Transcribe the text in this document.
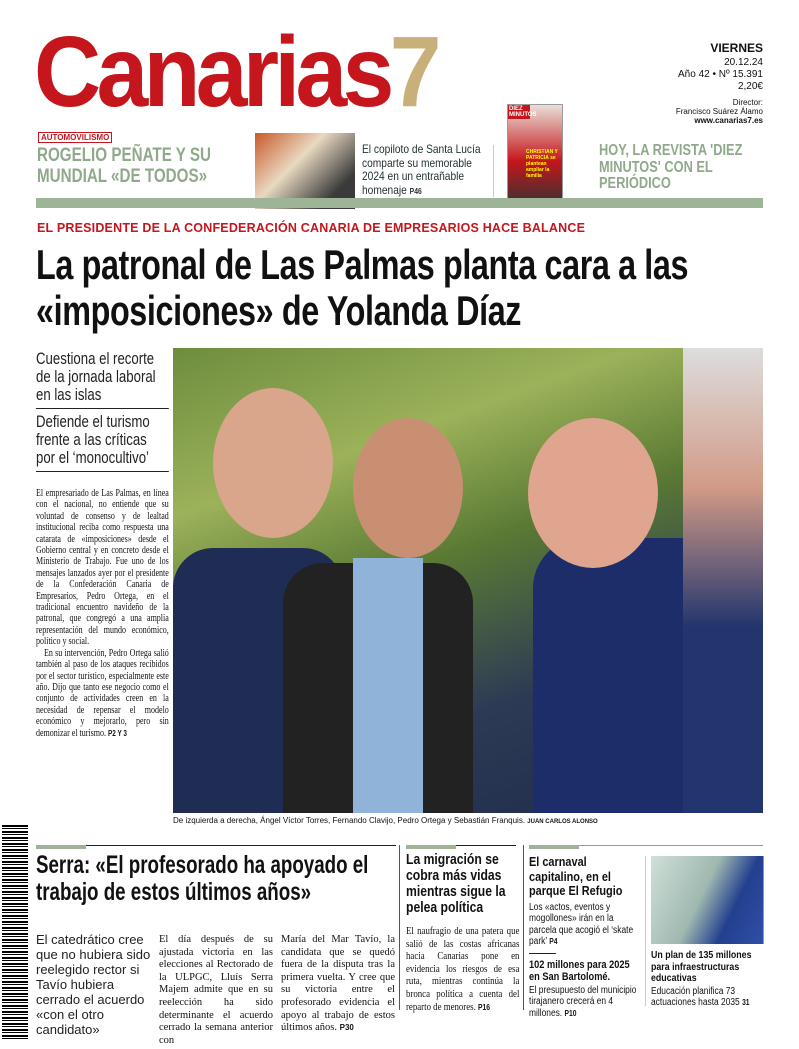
Canarias7	VIERNES
20.12.24
Año 42 • Nº 15.391
2,20€
Director:
Francisco Suárez Álamo
www.canarias7.es
AUTOMOVILISMO
ROGELIO PEÑATE Y SU MUNDIAL «DE TODOS»
El copiloto de Santa Lucía comparte su memorable 2024 en un entrañable homenaje P46
DIEZ MINUTOS
CHRISTIAN Y PATRICIA se plantean ampliar la familia
HOY, LA REVISTA 'DIEZ MINUTOS' CON EL PERIÓDICO
EL PRESIDENTE DE LA CONFEDERACIÓN CANARIA DE EMPRESARIOS HACE BALANCE
La patronal de Las Palmas planta cara a las «imposiciones» de Yolanda Díaz
Cuestiona el recorte de la jornada laboral en las islas
Defiende el turismo frente a las críticas por el ‘monocultivo’

El empresariado de Las Palmas, en línea con el nacional, no entiende que su voluntad de consenso y de lealtad institucional reciba como respuesta una catarata de «imposiciones» desde el Gobierno central y en concreto desde el Ministerio de Trabajo. Fue uno de los mensajes lanzados ayer por el presidente de la Confederación Canaria de Empresarios, Pedro Ortega, en el tradicional encuentro navideño de la patronal, que congregó a una amplia representación del mundo económico, político y social.

En su intervención, Pedro Ortega salió también al paso de los ataques recibidos por el sector turístico, especialmente este año. Dijo que tanto ese negocio como el conjunto de actividades creen en la necesidad de repensar el modelo económico y mejorarlo, pero sin demonizar el turismo. P2 Y 3

De izquierda a derecha, Ángel Víctor Torres, Fernando Clavijo, Pedro Ortega y Sebastián Franquis. JUAN CARLOS ALONSO
Serra: «El profesorado ha apoyado el trabajo de estos últimos años»
El catedrático cree que no hubiera sido reelegido rector si Tavío hubiera cerrado el acuerdo «con el otro candidato»
El día después de su ajustada victoria en las elecciones al Rectorado de la ULPGC, Lluís Serra Majem admite que en su reelección ha sido determinante el acuerdo cerrado la semana anterior con
María del Mar Tavío, la candidata que se quedó fuera de la disputa tras la primera vuelta. Y cree que su victoria entre el profesorado evidencia el apoyo al trabajo de estos últimos años. P30
La migración se cobra más vidas mientras sigue la pelea política
El naufragio de una patera que salió de las costas africanas hacia Canarias pone en evidencia los riesgos de esa ruta, mientras continúa la bronca política a cuenta del reparto de menores. P16
El carnaval capitalino, en el parque El Refugio
Los «actos, eventos y mogollones» irán en la parcela que acogió el ‘skate park’ P4
102 millones para 2025 en San Bartolomé.
El presupuesto del municipio tirajanero crecerá en 4 millones. P10
Un plan de 135 millones para infraestructuras educativas
Educación planifica 73 actuaciones hasta 2035 31
